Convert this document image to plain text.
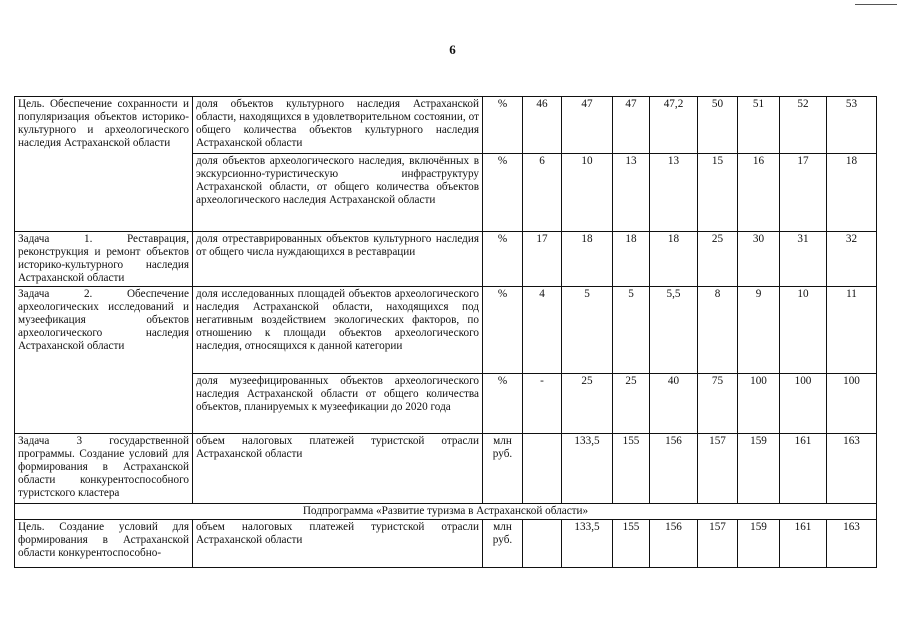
6
Цель. Обеспечение сохранности и популяризация объектов историко-культурного и археологического наследия Астраханской области	доля объектов культурного наследия Астраханской области, находящихся в удовлетворительном состоянии, от общего количества объектов культурного наследия Астраханской области	%	46	47	47	47,2	50	51	52	53
	доля объектов археологического наследия, включённых в экскурсионно-туристическую инфраструктуру Астраханской области, от общего количества объектов археологического наследия Астраханской области	%	6	10	13	13	15	16	17	18
Задача 1. Реставрация, реконструкция и ремонт объектов историко-культурного наследия Астраханской области	доля отреставрированных объектов культурного наследия от общего числа нуждающихся в реставрации	%	17	18	18	18	25	30	31	32
Задача 2. Обеспечение археологических исследований и музеефикация объектов археологического наследия Астраханской области	доля исследованных площадей объектов археологического наследия Астраханской области, находящихся под негативным воздействием экологических факторов, по отношению к площади объектов археологического наследия, относящихся к данной категории	%	4	5	5	5,5	8	9	10	11
	доля музеефицированных объектов археологического наследия Астраханской области от общего количества объектов, планируемых к музеефикации до 2020 года	%	-	25	25	40	75	100	100	100
Задача 3 государственной программы. Создание условий для формирования в Астраханской области конкурентоспособного туристского кластера	объем налоговых платежей туристской отрасли Астраханской области	млн руб.		133,5	155	156	157	159	161	163
Подпрограмма «Развитие туризма в Астраханской области»										
Цель. Создание условий для формирования в Астраханской области конкурентоспособно-	объем налоговых платежей туристской отрасли Астраханской области	млн руб.		133,5	155	156	157	159	161	163
